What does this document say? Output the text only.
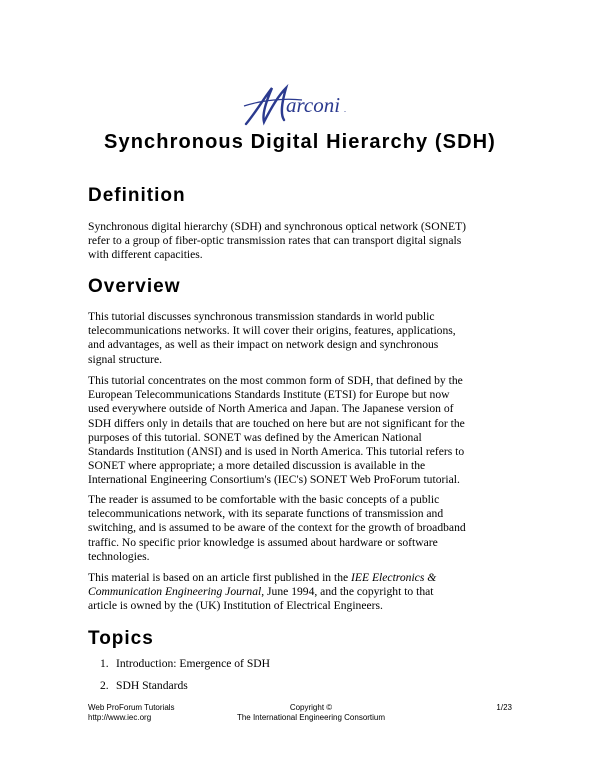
arconi .
Synchronous Digital Hierarchy (SDH)
Definition

Synchronous digital hierarchy (SDH) and synchronous optical network (SONET)
refer to a group of fiber-optic transmission rates that can transport digital signals
with different capacities.

Overview

This tutorial discusses synchronous transmission standards in world public
telecommunications networks. It will cover their origins, features, applications,
and advantages, as well as their impact on network design and synchronous
signal structure.

This tutorial concentrates on the most common form of SDH, that defined by the
European Telecommunications Standards Institute (ETSI) for Europe but now
used everywhere outside of North America and Japan. The Japanese version of
SDH differs only in details that are touched on here but are not significant for the
purposes of this tutorial. SONET was defined by the American National
Standards Institution (ANSI) and is used in North America. This tutorial refers to
SONET where appropriate; a more detailed discussion is available in the
International Engineering Consortium's (IEC's) SONET Web ProForum tutorial.

The reader is assumed to be comfortable with the basic concepts of a public
telecommunications network, with its separate functions of transmission and
switching, and is assumed to be aware of the context for the growth of broadband
traffic. No specific prior knowledge is assumed about hardware or software
technologies.

This material is based on an article first published in the IEE Electronics &
Communication Engineering Journal, June 1994, and the copyright to that
article is owned by the (UK) Institution of Electrical Engineers.

Topics
1. Introduction: Emergence of SDH
2. SDH Standards
Web ProForum Tutorials
http://www.iec.org
Copyright ©
The International Engineering Consortium
1/23
